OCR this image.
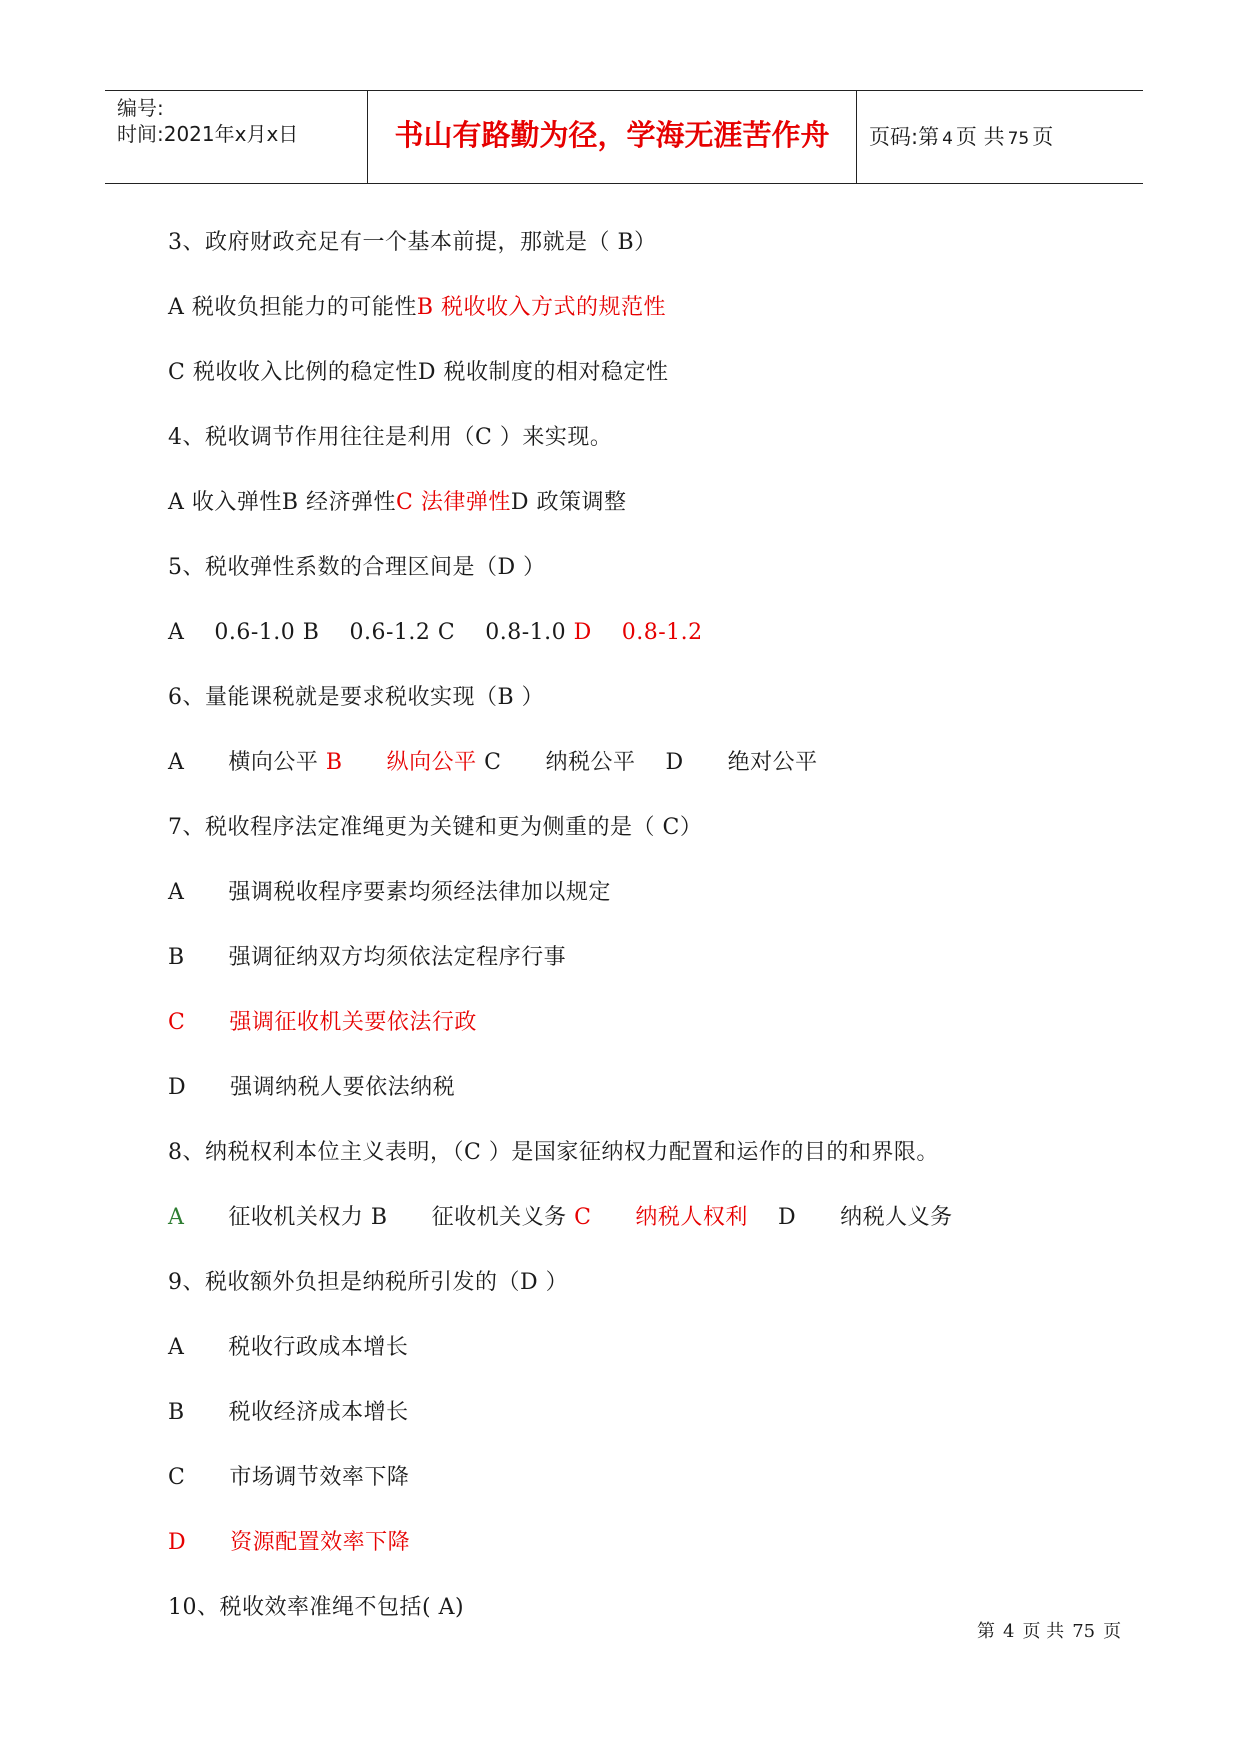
编号:
时间:2021年x月x日	书山有路勤为径，学海无涯苦作舟	页码:第 4 页 共 75 页
3、政府财政充足有一个基本前提，那就是（ B）
A 税收负担能力的可能性B 税收收入方式的规范性
C 税收收入比例的稳定性D 税收制度的相对稳定性
4、税收调节作用往往是利用（C ）来实现。
A 收入弹性B 经济弹性C 法律弹性D 政策调整
5、税收弹性系数的合理区间是（D ）
A 0.6-1.0 B 0.6-1.2 C 0.8-1.0 D 0.8-1.2
6、量能课税就是要求税收实现（B ）
A 横向公平 B 纵向公平 C 纳税公平 D 绝对公平
7、税收程序法定准绳更为关键和更为侧重的是（ C）
A 强调税收程序要素均须经法律加以规定
B 强调征纳双方均须依法定程序行事
C 强调征收机关要依法行政
D 强调纳税人要依法纳税
8、纳税权利本位主义表明，（C ）是国家征纳权力配置和运作的目的和界限。
A 征收机关权力 B 征收机关义务 C 纳税人权利 D 纳税人义务
9、税收额外负担是纳税所引发的（D ）
A 税收行政成本增长
B 税收经济成本增长
C 市场调节效率下降
D 资源配置效率下降
10、税收效率准绳不包括( A)
第 4 页 共 75 页
